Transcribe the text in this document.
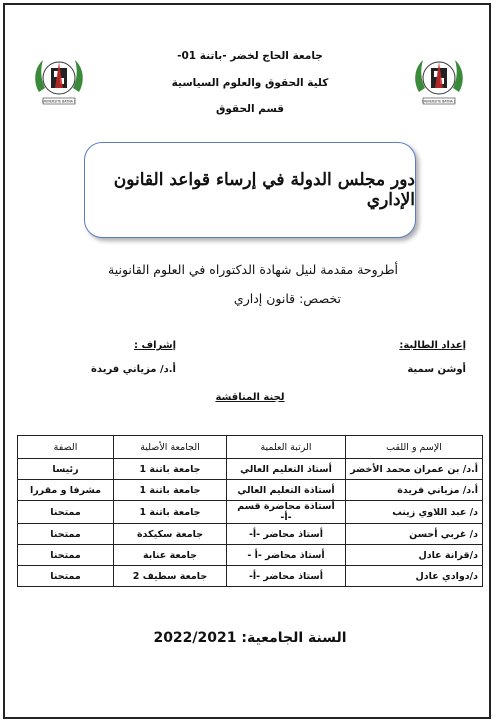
UNIVERSITE BATNA 1	UNIVERSITE BATNA 1
جامعة الحاج لخضر -باتنة 01-
كلية الحقوق والعلوم السياسية
قسم الحقوق
دور مجلس الدولة في إرساء قواعد القانون الإداري
أطروحة مقدمة لنيل شهادة الدكتوراه في العلوم القانونية
تخصص: قانون إداري
إعداد الطالبة:
إشراف :
أوشن سمية
أ.د/ مزياني فريدة
لجنة المناقشة
الإسم و اللقب	الرتبة العلمية	الجامعة الأصلية	الصفة
أ.د/ بن عمران محمد الأخضر	أستاذ التعليم العالي	جامعة باتنة 1	رئيسا
أ.د/ مزياني فريدة	أستاذة التعليم العالي	جامعة باتنة 1	مشرفا و مقررا
د/ عبد اللاوي زينب	أستاذة محاضرة قسم -أ-	جامعة باتنة 1	ممتحنا
د/ غربي أحسن	أستاذ محاضر -أ-	جامعة سكيكدة	ممتحنا
د/قرانة عادل	أستاذ محاضر -أ -	جامعة عنابة	ممتحنا
د/دوادي عادل	أستاذ محاضر -أ-	جامعة سطيف 2	ممتحنا
السنة الجامعية: 2022/2021
